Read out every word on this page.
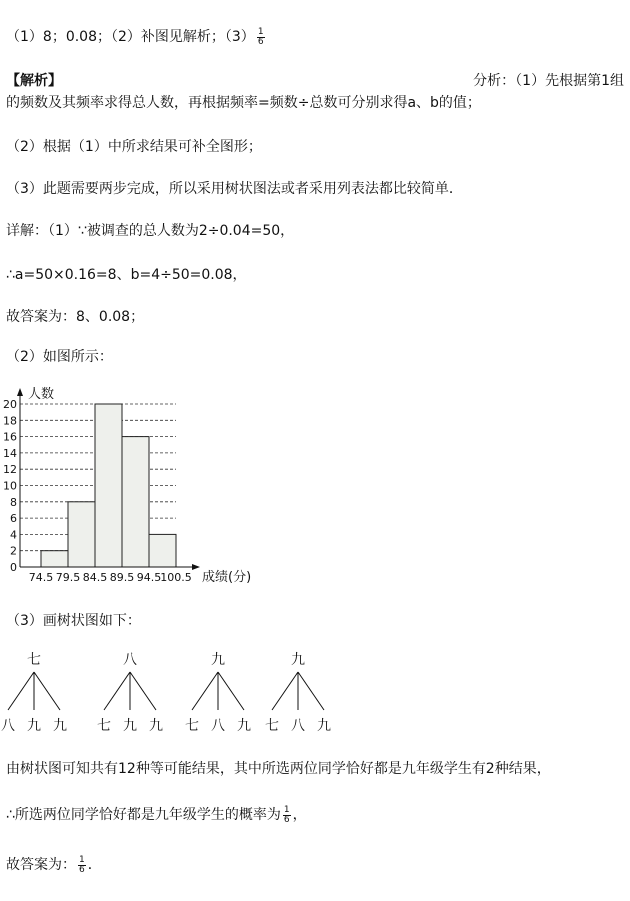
（1）8；0.08；（2）补图见解析；$(3) \frac{1}{6}$
【解析】	分析：（1）先根据第1组
的频数及其频率求得总人数，再根据频率=频数÷总数可分别求得a、b的值；
（2）根据（1）中所求结果可补全图形；
（3）此题需要两步完成，所以采用树状图法或者采用列表法都比较简单．
详解：（1）∵被调查的总人数为2÷0.04=50，
∴a=50×0.16=8、b=4÷50=0.08，
故答案为：8、0.08；
（2）如图所示：
0
2
4
6
8
10
12
14
16
18
20
74.5 79.5 84.5 89.5 94.5 100.5
人数
成绩(分)
（3）画树状图如下：
七
八 九 九
八
七 九 九
九
七 八 九
九
七 八 九
由树状图可知共有12种等可能结果，其中所选两位同学恰好都是九年级学生有2种结果，
∴所选两位同学恰好都是九年级学生的概率为 $\frac{1}{6}$ ，
故答案为： $\frac{1}{6}$ ．
